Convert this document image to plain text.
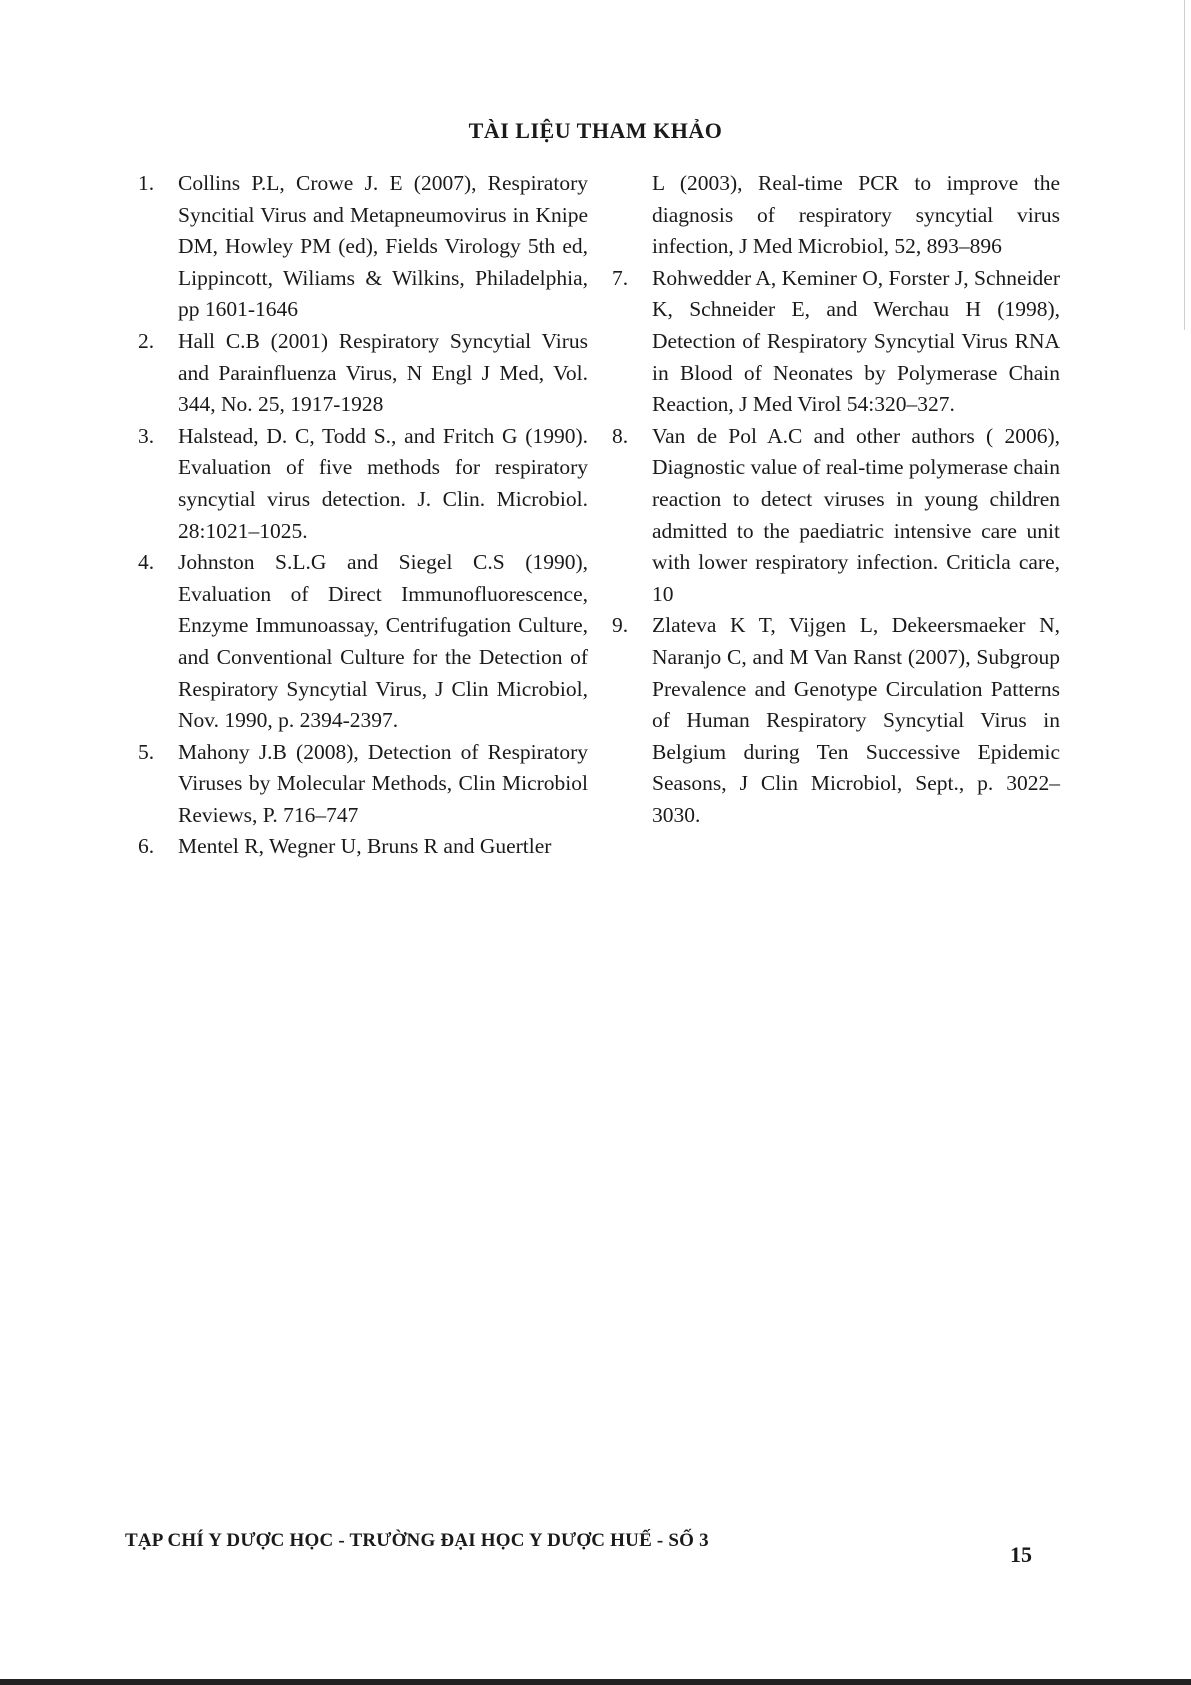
TÀI LIỆU THAM KHẢO
1.	Collins P.L, Crowe J. E (2007), Respiratory Syncitial Virus and Metapneumovirus in Knipe DM, Howley PM (ed), Fields Virology 5th ed, Lippincott, Wiliams & Wilkins, Philadelphia, pp 1601-1646
2.	Hall C.B (2001) Respiratory Syncytial Virus and Parainfluenza Virus, N Engl J Med, Vol. 344, No. 25, 1917-1928
3.	Halstead, D. C, Todd S., and Fritch G (1990). Evaluation of five methods for respiratory syncytial virus detection. J. Clin. Microbiol. 28:1021–1025.
4.	Johnston S.L.G and Siegel C.S (1990), Evaluation of Direct Immunofluorescence, Enzyme Immunoassay, Centrifugation Culture, and Conventional Culture for the Detection of Respiratory Syncytial Virus, J Clin Microbiol, Nov. 1990, p. 2394-2397.
5.	Mahony J.B (2008), Detection of Respiratory Viruses by Molecular Methods, Clin Microbiol Reviews, P. 716–747
6.	Mentel R, Wegner U, Bruns R and Guertler
L (2003), Real-time PCR to improve the diagnosis of respiratory syncytial virus infection, J Med Microbiol, 52, 893–896
7.	Rohwedder A, Keminer O, Forster J, Schneider K, Schneider E, and Werchau H (1998), Detection of Respiratory Syncytial Virus RNA in Blood of Neonates by Polymerase Chain Reaction, J Med Virol 54:320–327.
8.	Van de Pol A.C and other authors ( 2006), Diagnostic value of real-time polymerase chain reaction to detect viruses in young children admitted to the paediatric intensive care unit with lower respiratory infection. Criticla care, 10
9.	Zlateva K T, Vijgen L, Dekeersmaeker N, Naranjo C, and M Van Ranst (2007), Subgroup Prevalence and Genotype Circulation Patterns of Human Respiratory Syncytial Virus in Belgium during Ten Successive Epidemic Seasons, J Clin Microbiol, Sept., p. 3022–3030.
TẠP CHÍ Y DƯỢC HỌC - TRƯỜNG ĐẠI HỌC Y DƯỢC HUẾ - SỐ 3
15
